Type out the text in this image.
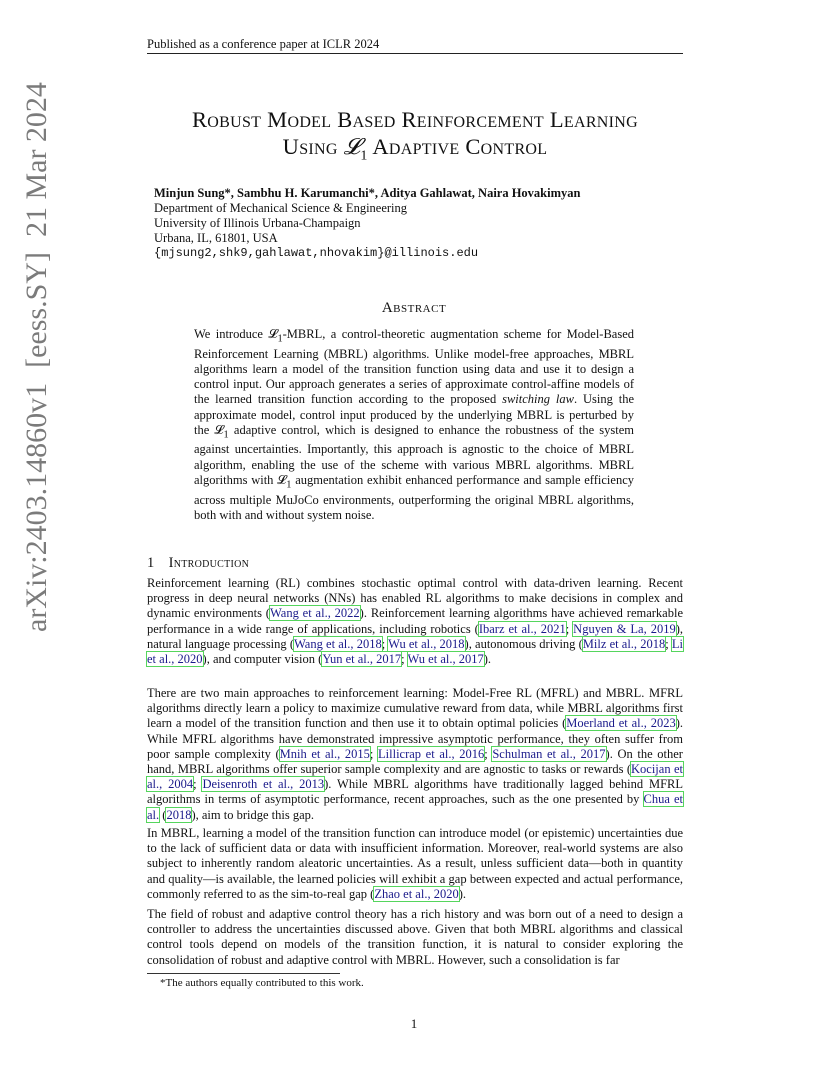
Published as a conference paper at ICLR 2024
arXiv:2403.14860v1  [eess.SY]  21 Mar 2024	Robust Model Based Reinforcement Learning
Using 𝓛$_1$ Adaptive Control
Minjun Sung*, Sambhu H. Karumanchi*, Aditya Gahlawat, Naira Hovakimyan
Department of Mechanical Science & Engineering
University of Illinois Urbana-Champaign
Urbana, IL, 61801, USA
{mjsung2,shk9,gahlawat,nhovakim}@illinois.edu
Abstract
We introduce 𝓛$_1$-MBRL, a control-theoretic augmentation scheme for Model-Based Reinforcement Learning (MBRL) algorithms. Unlike model-free approaches, MBRL algorithms learn a model of the transition function using data and use it to design a control input. Our approach generates a series of approximate control-affine models of the learned transition function according to the proposed switching law. Using the approximate model, control input produced by the underlying MBRL is perturbed by the 𝓛$_1$ adaptive control, which is designed to enhance the robustness of the system against uncertainties. Importantly, this approach is agnostic to the choice of MBRL algorithm, enabling the use of the scheme with various MBRL algorithms. MBRL algorithms with 𝓛$_1$ augmentation exhibit enhanced performance and sample efficiency across multiple MuJoCo environments, outperforming the original MBRL algorithms, both with and without system noise.
1 Introduction
Reinforcement learning (RL) combines stochastic optimal control with data-driven learning. Recent progress in deep neural networks (NNs) has enabled RL algorithms to make decisions in complex and dynamic environments (Wang et al., 2022). Reinforcement learning algorithms have achieved remarkable performance in a wide range of applications, including robotics (Ibarz et al., 2021; Nguyen & La, 2019), natural language processing (Wang et al., 2018; Wu et al., 2018), autonomous driving (Milz et al., 2018; Li et al., 2020), and computer vision (Yun et al., 2017; Wu et al., 2017).
There are two main approaches to reinforcement learning: Model-Free RL (MFRL) and MBRL. MFRL algorithms directly learn a policy to maximize cumulative reward from data, while MBRL algorithms first learn a model of the transition function and then use it to obtain optimal policies (Moerland et al., 2023). While MFRL algorithms have demonstrated impressive asymptotic performance, they often suffer from poor sample complexity (Mnih et al., 2015; Lillicrap et al., 2016; Schulman et al., 2017). On the other hand, MBRL algorithms offer superior sample complexity and are agnostic to tasks or rewards (Kocijan et al., 2004; Deisenroth et al., 2013). While MBRL algorithms have traditionally lagged behind MFRL algorithms in terms of asymptotic performance, recent approaches, such as the one presented by Chua et al. (2018), aim to bridge this gap.
In MBRL, learning a model of the transition function can introduce model (or epistemic) uncertainties due to the lack of sufficient data or data with insufficient information. Moreover, real-world systems are also subject to inherently random aleatoric uncertainties. As a result, unless sufficient data—both in quantity and quality—is available, the learned policies will exhibit a gap between expected and actual performance, commonly referred to as the sim-to-real gap (Zhao et al., 2020).
The field of robust and adaptive control theory has a rich history and was born out of a need to design a controller to address the uncertainties discussed above. Given that both MBRL algorithms and classical control tools depend on models of the transition function, it is natural to consider exploring the consolidation of robust and adaptive control with MBRL. However, such a consolidation is far
*The authors equally contributed to this work.
1
